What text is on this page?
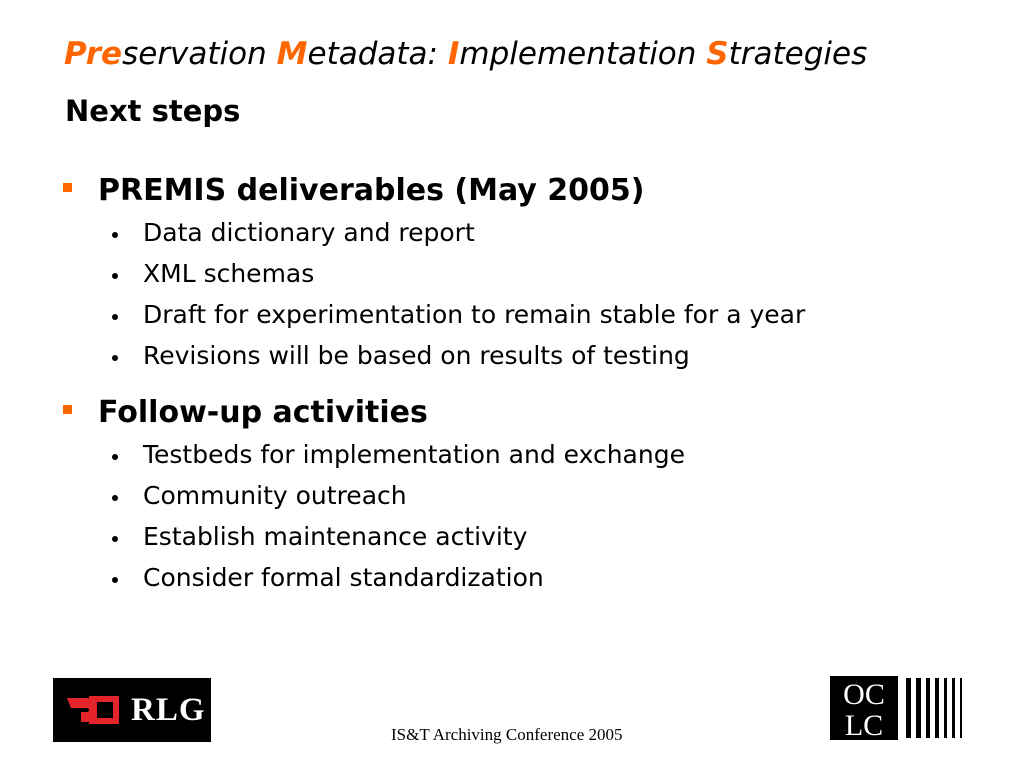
Preservation Metadata: Implementation Strategies
Next steps
PREMIS deliverables (May 2005)
Data dictionary and report
XML schemas
Draft for experimentation to remain stable for a year
Revisions will be based on results of testing
Follow-up activities
Testbeds for implementation and exchange
Community outreach
Establish maintenance activity
Consider formal standardization
RLG
IS&T Archiving Conference 2005
OC
LC
